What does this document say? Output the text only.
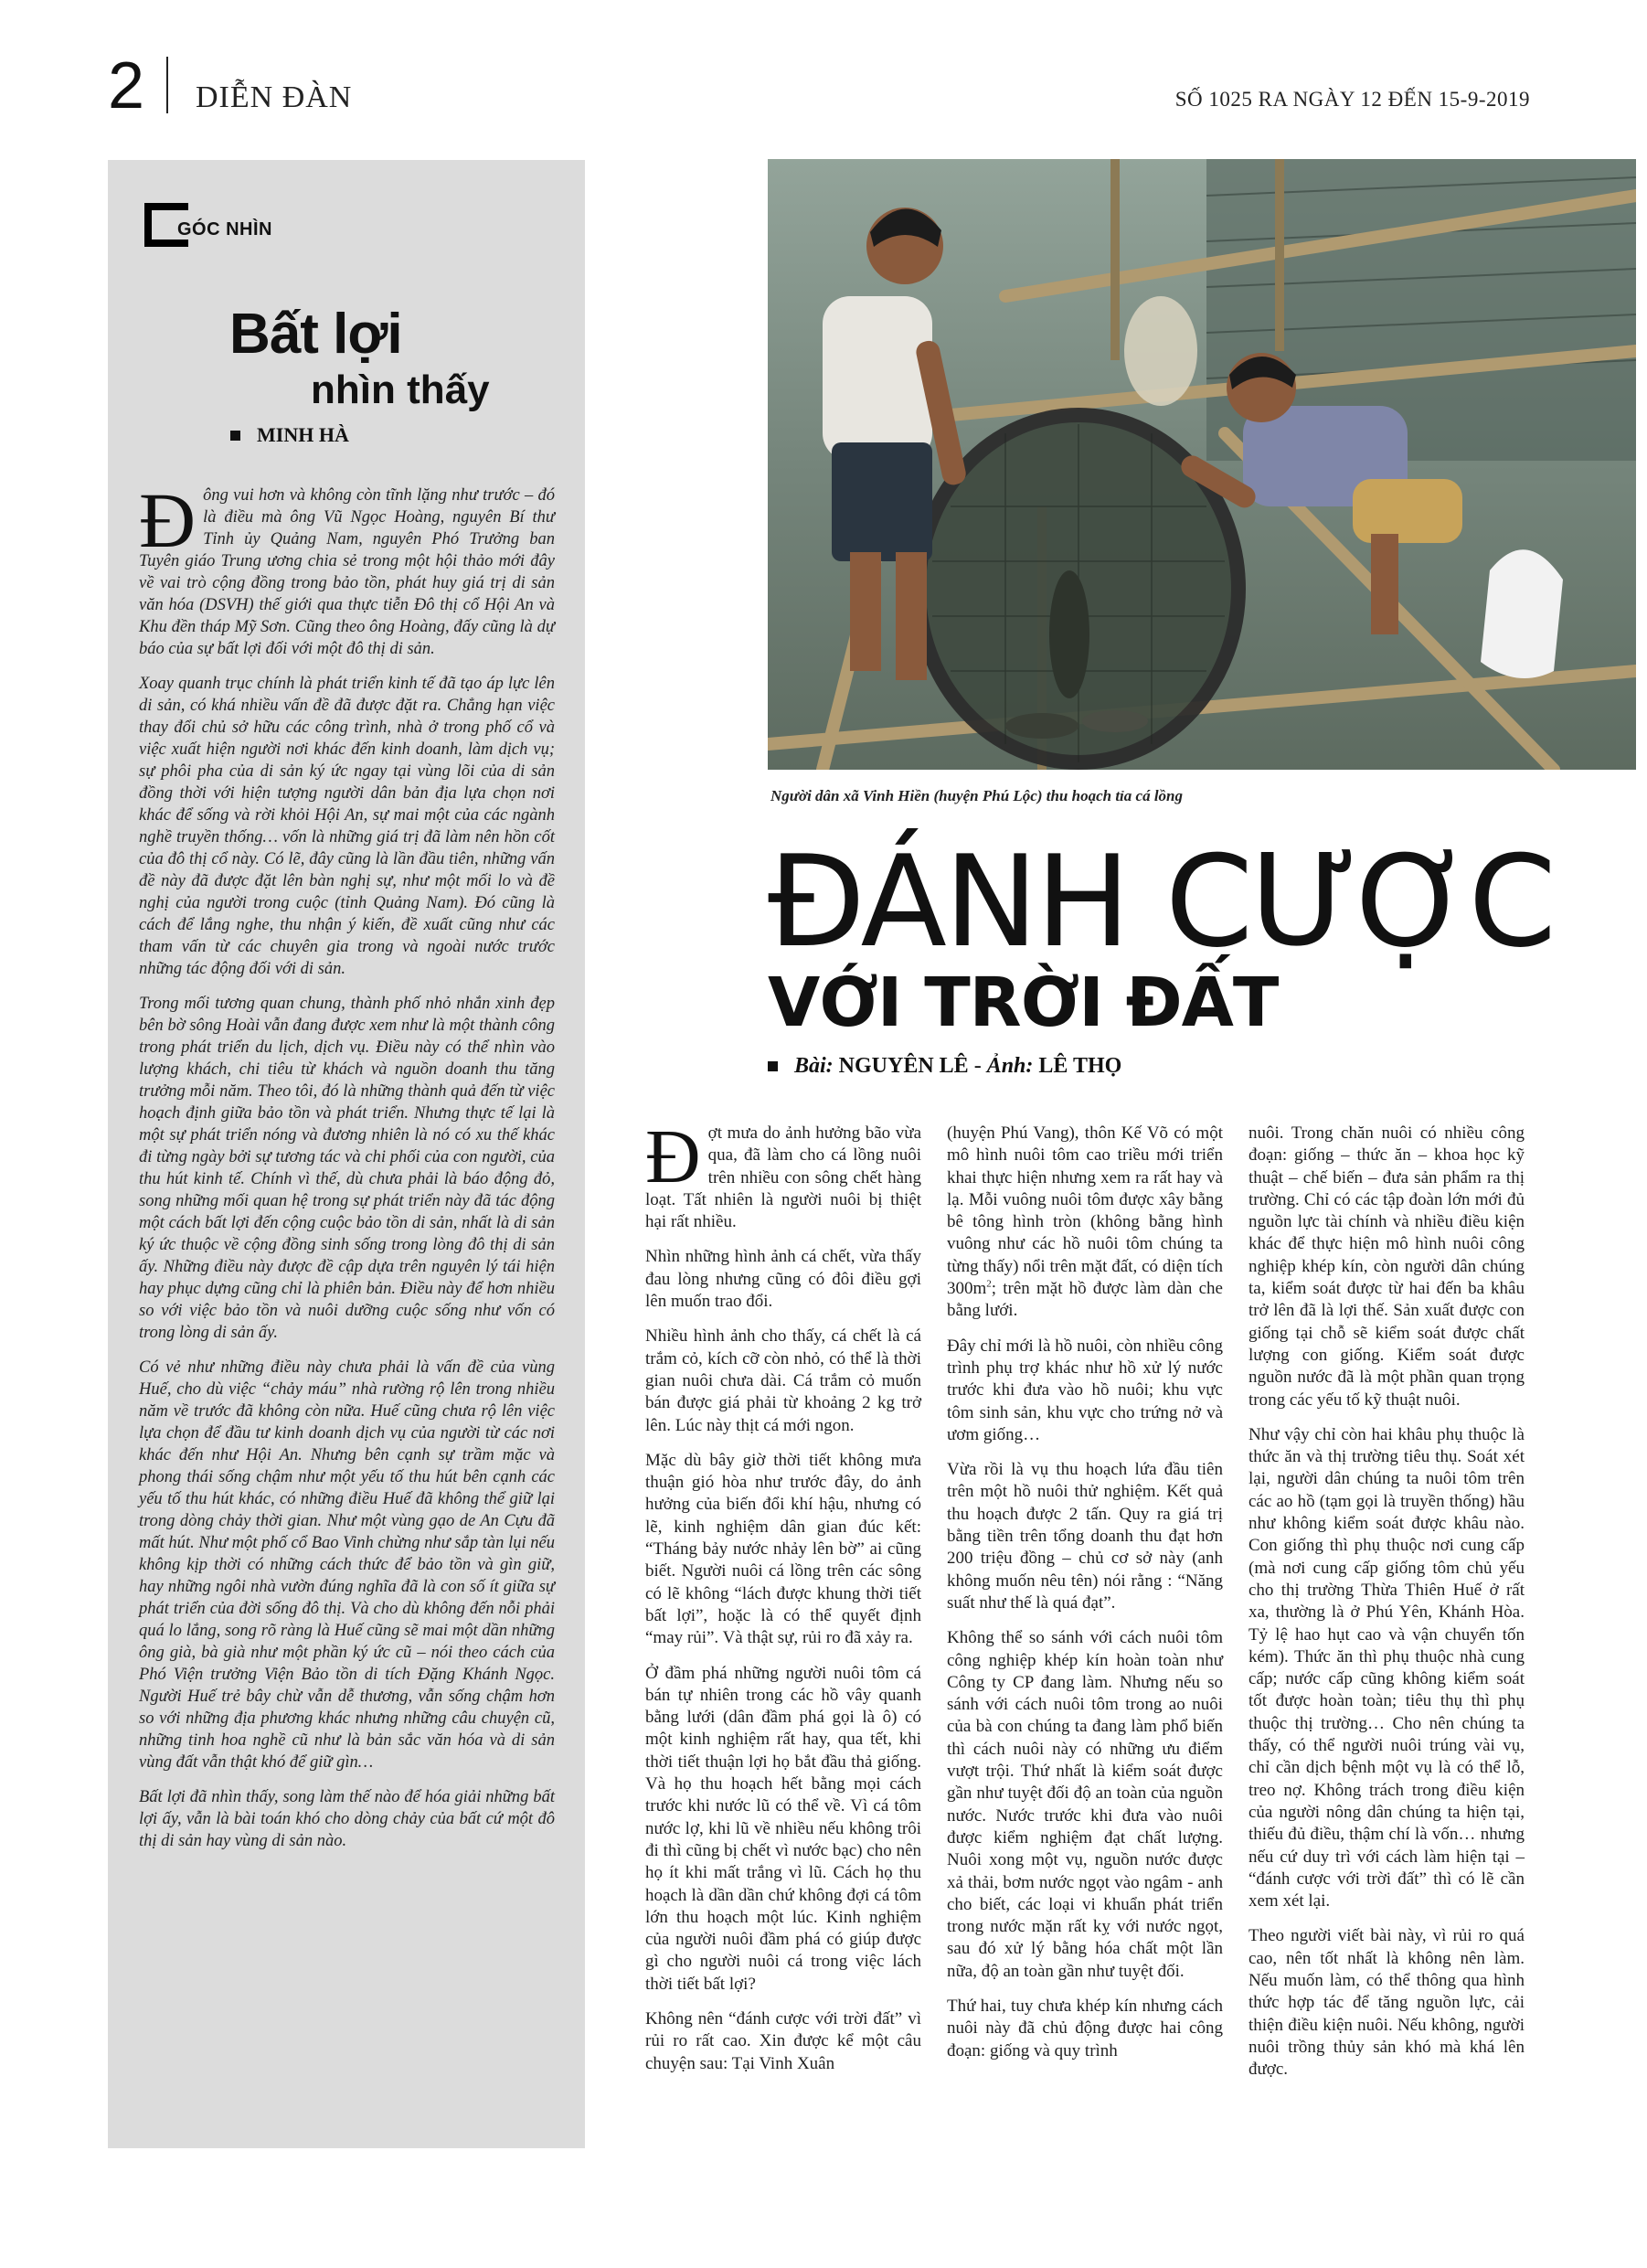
2 DIỄN ĐÀN	SỐ 1025 RA NGÀY 12 ĐẾN 15-9-2019
GÓC NHÌN
Bất lợi
nhìn thấy
MINH HÀ

Đông vui hơn và không còn tĩnh lặng như trước – đó là điều mà ông Vũ Ngọc Hoàng, nguyên Bí thư Tỉnh ủy Quảng Nam, nguyên Phó Trưởng ban Tuyên giáo Trung ương chia sẻ trong một hội thảo mới đây về vai trò cộng đồng trong bảo tồn, phát huy giá trị di sản văn hóa (DSVH) thế giới qua thực tiễn Đô thị cổ Hội An và Khu đền tháp Mỹ Sơn. Cũng theo ông Hoàng, đấy cũng là dự báo của sự bất lợi đối với một đô thị di sản.

Xoay quanh trục chính là phát triển kinh tế đã tạo áp lực lên di sản, có khá nhiều vấn đề đã được đặt ra. Chẳng hạn việc thay đổi chủ sở hữu các công trình, nhà ở trong phố cổ và việc xuất hiện người nơi khác đến kinh doanh, làm dịch vụ; sự phôi pha của di sản ký ức ngay tại vùng lõi của di sản đồng thời với hiện tượng người dân bản địa lựa chọn nơi khác để sống và rời khỏi Hội An, sự mai một của các ngành nghề truyền thống… vốn là những giá trị đã làm nên hồn cốt của đô thị cổ này. Có lẽ, đây cũng là lần đầu tiên, những vấn đề này đã được đặt lên bàn nghị sự, như một mối lo và đề nghị của người trong cuộc (tỉnh Quảng Nam). Đó cũng là cách để lắng nghe, thu nhận ý kiến, đề xuất cũng như các tham vấn từ các chuyên gia trong và ngoài nước trước những tác động đối với di sản.

Trong mối tương quan chung, thành phố nhỏ nhắn xinh đẹp bên bờ sông Hoài vẫn đang được xem như là một thành công trong phát triển du lịch, dịch vụ. Điều này có thể nhìn vào lượng khách, chi tiêu từ khách và nguồn doanh thu tăng trưởng mỗi năm. Theo tôi, đó là những thành quả đến từ việc hoạch định giữa bảo tồn và phát triển. Nhưng thực tế lại là một sự phát triển nóng và đương nhiên là nó có xu thế khác đi từng ngày bởi sự tương tác và chi phối của con người, của thu hút kinh tế. Chính vì thế, dù chưa phải là báo động đỏ, song những mối quan hệ trong sự phát triển này đã tác động một cách bất lợi đến cộng cuộc bảo tồn di sản, nhất là di sản ký ức thuộc về cộng đồng sinh sống trong lòng đô thị di sản ấy. Những điều này được đề cập dựa trên nguyên lý tái hiện hay phục dựng cũng chỉ là phiên bản. Điều này để hơn nhiều so với việc bảo tồn và nuôi dưỡng cuộc sống như vốn có trong lòng di sản ấy.

Có vẻ như những điều này chưa phải là vấn đề của vùng Huế, cho dù việc “chảy máu” nhà rường rộ lên trong nhiều năm về trước đã không còn nữa. Huế cũng chưa rộ lên việc lựa chọn để đầu tư kinh doanh dịch vụ của người từ các nơi khác đến như Hội An. Nhưng bên cạnh sự trầm mặc và phong thái sống chậm như một yếu tố thu hút bên cạnh các yếu tố thu hút khác, có những điều Huế đã không thể giữ lại trong dòng chảy thời gian. Như một vùng gạo de An Cựu đã mất hút. Như một phố cổ Bao Vinh chừng như sắp tàn lụi nếu không kịp thời có những cách thức để bảo tồn và gìn giữ, hay những ngôi nhà vườn đúng nghĩa đã là con số ít giữa sự phát triển của đời sống đô thị. Và cho dù không đến nỗi phải quá lo lắng, song rõ ràng là Huế cũng sẽ mai một dần những ông già, bà già như một phần ký ức cũ – nói theo cách của Phó Viện trưởng Viện Bảo tồn di tích Đặng Khánh Ngọc. Người Huế trẻ bây chừ vẫn dễ thương, vẫn sống chậm hơn so với những địa phương khác nhưng những câu chuyện cũ, những tinh hoa nghề cũ như là bản sắc văn hóa và di sản vùng đất vẫn thật khó để giữ gìn…

Bất lợi đã nhìn thấy, song làm thế nào để hóa giải những bất lợi ấy, vẫn là bài toán khó cho dòng chảy của bất cứ một đô thị di sản hay vùng di sản nào.

Người dân xã Vinh Hiền (huyện Phú Lộc) thu hoạch tỉa cá lồng
ĐÁNH CƯỢC
VỚI TRỜI ĐẤT
Bài:
NGUYÊN LÊ - Ảnh:
LÊ THỌ

Đợt mưa do ảnh hưởng bão vừa qua, đã làm cho cá lồng nuôi trên nhiều con sông chết hàng loạt. Tất nhiên là người nuôi bị thiệt hại rất nhiều.

Nhìn những hình ảnh cá chết, vừa thấy đau lòng nhưng cũng có đôi điều gợi lên muốn trao đổi.

Nhiều hình ảnh cho thấy, cá chết là cá trắm cỏ, kích cỡ còn nhỏ, có thể là thời gian nuôi chưa dài. Cá trắm cỏ muốn bán được giá phải từ khoảng 2 kg trở lên. Lúc này thịt cá mới ngon.

Mặc dù bây giờ thời tiết không mưa thuận gió hòa như trước đây, do ảnh hưởng của biến đổi khí hậu, nhưng có lẽ, kinh nghiệm dân gian đúc kết: “Tháng bảy nước nhảy lên bờ” ai cũng biết. Người nuôi cá lồng trên các sông có lẽ không “lách được khung thời tiết bất lợi”, hoặc là có thể quyết định “may rủi”. Và thật sự, rủi ro đã xảy ra.

Ở đầm phá những người nuôi tôm cá bán tự nhiên trong các hồ vây quanh bằng lưới (dân đầm phá gọi là ô) có một kinh nghiệm rất hay, qua tết, khi thời tiết thuận lợi họ bắt đầu thả giống. Và họ thu hoạch hết bằng mọi cách trước khi nước lũ có thể về. Vì cá tôm nước lợ, khi lũ về nhiều nếu không trôi đi thì cũng bị chết vì nước bạc) cho nên họ ít khi mất trắng vì lũ. Cách họ thu hoạch là dần dần chứ không đợi cá tôm lớn thu hoạch một lúc. Kinh nghiệm của người nuôi đầm phá có giúp được gì cho người nuôi cá trong việc lách thời tiết bất lợi?

Không nên “đánh cược với trời đất” vì rủi ro rất cao. Xin được kể một câu chuyện sau: Tại Vinh Xuân

(huyện Phú Vang), thôn Kế Võ có một mô hình nuôi tôm cao triều mới triển khai thực hiện nhưng xem ra rất hay và lạ. Mỗi vuông nuôi tôm được xây bằng bê tông hình tròn (không bằng hình vuông như các hồ nuôi tôm chúng ta từng thấy) nổi trên mặt đất, có diện tích $300m^2$; trên mặt hồ được làm dàn che bằng lưới.

Đây chỉ mới là hồ nuôi, còn nhiều công trình phụ trợ khác như hồ xử lý nước trước khi đưa vào hồ nuôi; khu vực tôm sinh sản, khu vực cho trứng nở và ươm giống…

Vừa rồi là vụ thu hoạch lứa đầu tiên trên một hồ nuôi thử nghiệm. Kết quả thu hoạch được 2 tấn. Quy ra giá trị bằng tiền trên tổng doanh thu đạt hơn 200 triệu đồng – chủ cơ sở này (anh không muốn nêu tên) nói rằng : “Năng suất như thế là quá đạt”.

Không thể so sánh với cách nuôi tôm công nghiệp khép kín hoàn toàn như Công ty CP đang làm. Nhưng nếu so sánh với cách nuôi tôm trong ao nuôi của bà con chúng ta đang làm phổ biến thì cách nuôi này có những ưu điểm vượt trội. Thứ nhất là kiểm soát được gần như tuyệt đối độ an toàn của nguồn nước. Nước trước khi đưa vào nuôi được kiểm nghiệm đạt chất lượng. Nuôi xong một vụ, nguồn nước được xả thải, bơm nước ngọt vào ngâm - anh cho biết, các loại vi khuẩn phát triển trong nước mặn rất kỵ với nước ngọt, sau đó xử lý bằng hóa chất một lần nữa, độ an toàn gần như tuyệt đối.

Thứ hai, tuy chưa khép kín nhưng cách nuôi này đã chủ động được hai công đoạn: giống và quy trình

nuôi. Trong chăn nuôi có nhiều công đoạn: giống – thức ăn – khoa học kỹ thuật – chế biến – đưa sản phẩm ra thị trường. Chỉ có các tập đoàn lớn mới đủ nguồn lực tài chính và nhiều điều kiện khác để thực hiện mô hình nuôi công nghiệp khép kín, còn người dân chúng ta, kiểm soát được từ hai đến ba khâu trở lên đã là lợi thế. Sản xuất được con giống tại chỗ sẽ kiểm soát được chất lượng con giống. Kiểm soát được nguồn nước đã là một phần quan trọng trong các yếu tố kỹ thuật nuôi.

Như vậy chỉ còn hai khâu phụ thuộc là thức ăn và thị trường tiêu thụ. Soát xét lại, người dân chúng ta nuôi tôm trên các ao hồ (tạm gọi là truyền thống) hầu như không kiểm soát được khâu nào. Con giống thì phụ thuộc nơi cung cấp (mà nơi cung cấp giống tôm chủ yếu cho thị trường Thừa Thiên Huế ở rất xa, thường là ở Phú Yên, Khánh Hòa. Tỷ lệ hao hụt cao và vận chuyển tốn kém). Thức ăn thì phụ thuộc nhà cung cấp; nước cấp cũng không kiểm soát tốt được hoàn toàn; tiêu thụ thì phụ thuộc thị trường… Cho nên chúng ta thấy, có thể người nuôi trúng vài vụ, chỉ cần dịch bệnh một vụ là có thể lỗ, treo nợ. Không trách trong điều kiện của người nông dân chúng ta hiện tại, thiếu đủ điều, thậm chí là vốn… nhưng nếu cứ duy trì với cách làm hiện tại – “đánh cược với trời đất” thì có lẽ cần xem xét lại.

Theo người viết bài này, vì rủi ro quá cao, nên tốt nhất là không nên làm. Nếu muốn làm, có thể thông qua hình thức hợp tác để tăng nguồn lực, cải thiện điều kiện nuôi. Nếu không, người nuôi trồng thủy sản khó mà khá lên được.
